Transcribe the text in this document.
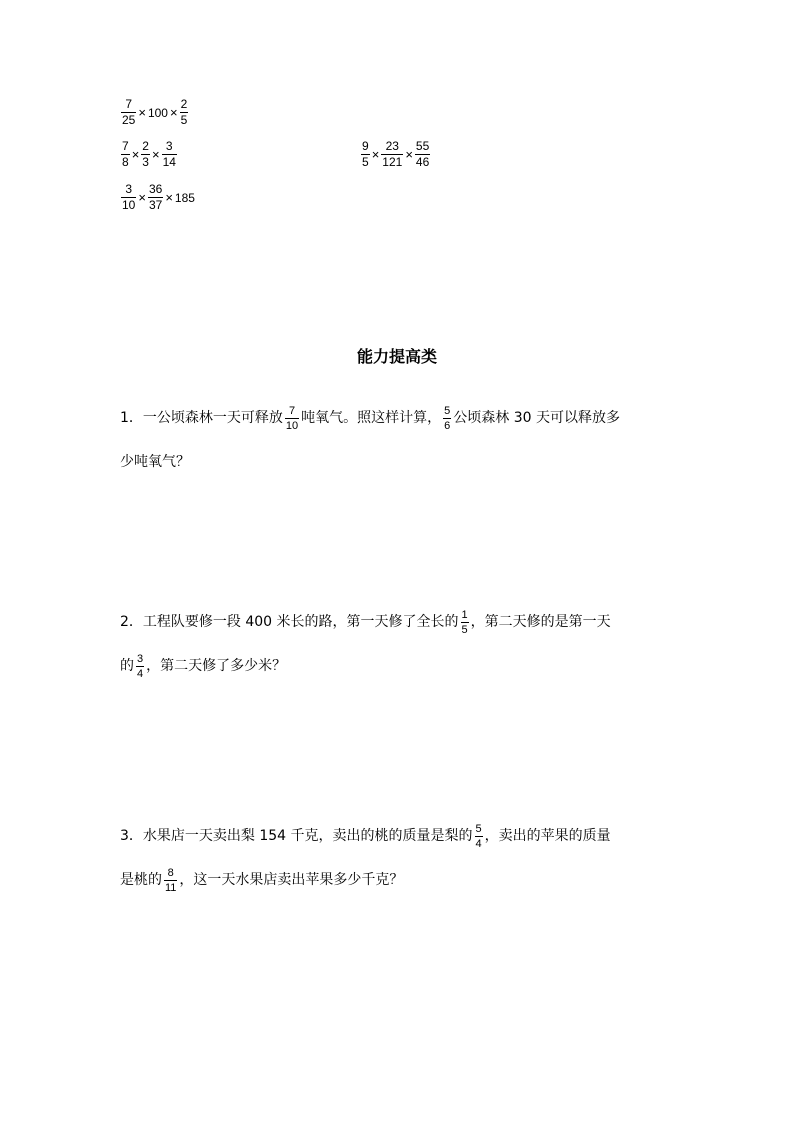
$\frac{7}{25} \times 100 \times \frac{2}{5}$
$\frac{7}{8} \times \frac{2}{3} \times \frac{3}{14}$	$\frac{9}{5} \times \frac{23}{121} \times \frac{55}{46}$
$\frac{3}{10} \times \frac{36}{37} \times 185$
能力提高类
1．一公顷森林一天可释放 $\frac{7}{10}$ 吨氧气。照这样计算， $\frac{5}{6}$ 公顷森林 30 天可以释放多
少吨氧气？
2．工程队要修一段 400 米长的路，第一天修了全长的 $\frac{1}{5}$ ，第二天修的是第一天
的 $\frac{3}{4}$ ，第二天修了多少米？
3．水果店一天卖出梨 154 千克，卖出的桃的质量是梨的 $\frac{5}{4}$ ，卖出的苹果的质量
是桃的 $\frac{8}{11}$ ，这一天水果店卖出苹果多少千克？
